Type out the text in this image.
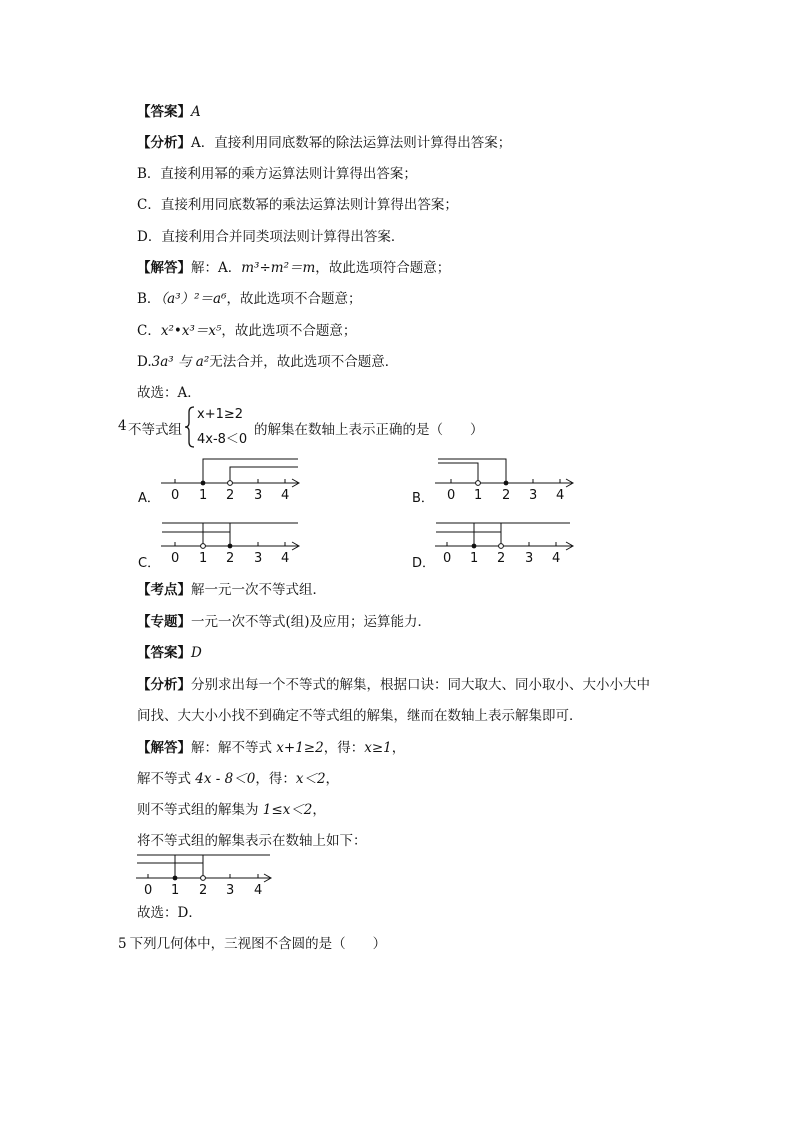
【答案】A
【分析】A．直接利用同底数幂的除法运算法则计算得出答案；
B．直接利用幂的乘方运算法则计算得出答案；
C．直接利用同底数幂的乘法运算法则计算得出答案；
D．直接利用合并同类项法则计算得出答案．
【解答】解：A．m³÷m²＝m，故此选项符合题意；
B．（a³）²＝a⁶，故此选项不合题意；
C．x²•x³＝x⁵，故此选项不合题意；
D.3a³ 与 a²无法合并，故此选项不合题意．
故选：A．
4 不等式组
x+1≥2
4x-8＜0
的解集在数轴上表示正确的是（　　）
A． 0 1 2 3 4	B． 0 1 2 3 4
C． 0 1 2 3 4	D． 0 1 2 3 4
【考点】解一元一次不等式组．
【专题】一元一次不等式(组)及应用；运算能力．
【答案】D
【分析】分别求出每一个不等式的解集，根据口诀：同大取大、同小取小、大小小大中
间找、大大小小找不到确定不等式组的解集，继而在数轴上表示解集即可．
【解答】解：解不等式 x+1≥2，得：x≥1，
解不等式 4x - 8＜0，得：x＜2，
则不等式组的解集为 1≤x＜2，
将不等式组的解集表示在数轴上如下：
0 1 2 3 4
故选：D．
5 下列几何体中，三视图不含圆的是（　　）
